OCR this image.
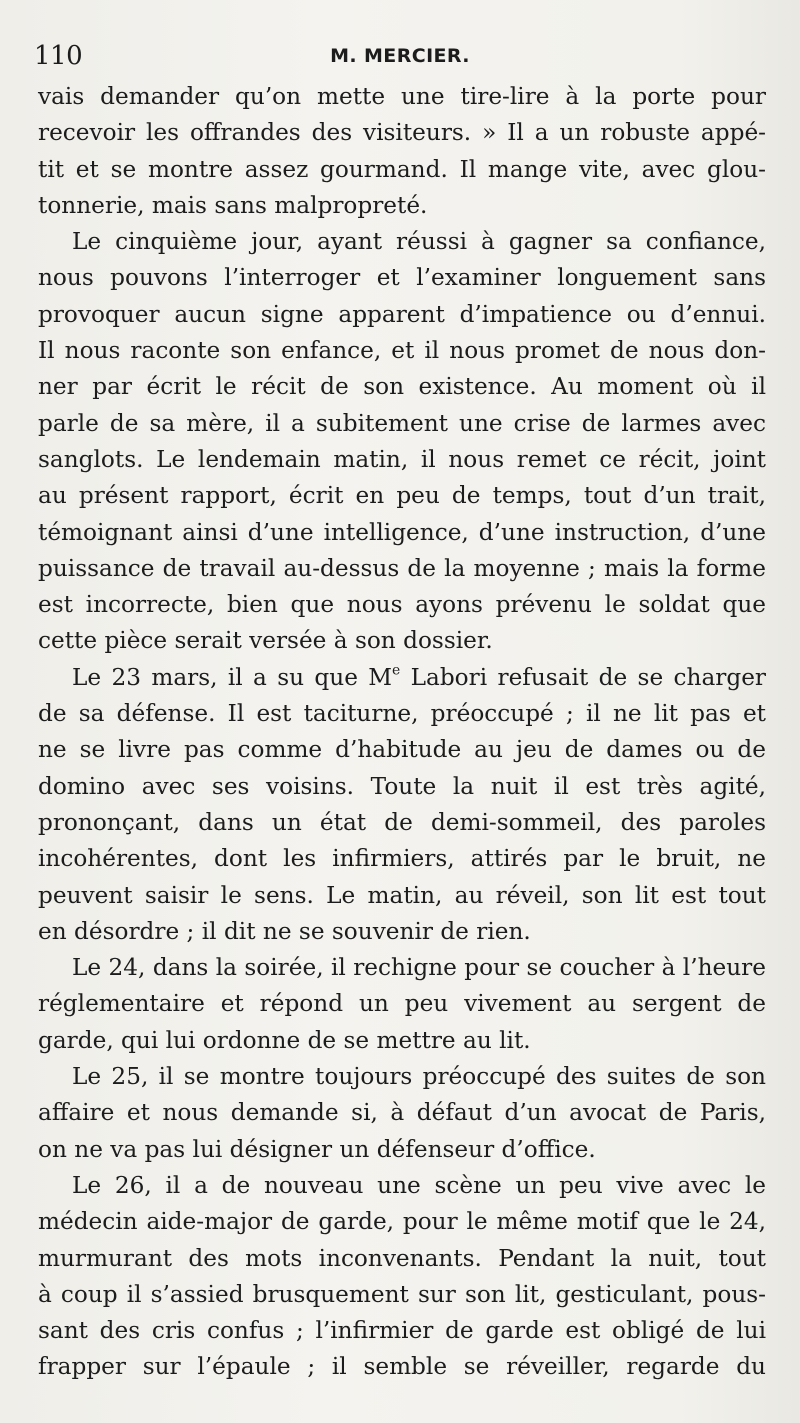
110	M. MERCIER.
vais demander qu’on mette une tire-lire à la porte pour
recevoir les offrandes des visiteurs. » Il a un robuste appé-
tit et se montre assez gourmand. Il mange vite, avec glou-
tonnerie, mais sans malpropreté.
Le cinquième jour, ayant réussi à gagner sa confiance,
nous pouvons l’interroger et l’examiner longuement sans
provoquer aucun signe apparent d’impatience ou d’ennui.
Il nous raconte son enfance, et il nous promet de nous don-
ner par écrit le récit de son existence. Au moment où il
parle de sa mère, il a subitement une crise de larmes avec
sanglots. Le lendemain matin, il nous remet ce récit, joint
au présent rapport, écrit en peu de temps, tout d’un trait,
témoignant ainsi d’une intelligence, d’une instruction, d’une
puissance de travail au-dessus de la moyenne ; mais la forme
est incorrecte, bien que nous ayons prévenu le soldat que
cette pièce serait versée à son dossier.
Le 23 mars, il a su que Me Labori refusait de se charger
de sa défense. Il est taciturne, préoccupé ; il ne lit pas et
ne se livre pas comme d’habitude au jeu de dames ou de
domino avec ses voisins. Toute la nuit il est très agité,
prononçant, dans un état de demi-sommeil, des paroles
incohérentes, dont les infirmiers, attirés par le bruit, ne
peuvent saisir le sens. Le matin, au réveil, son lit est tout
en désordre ; il dit ne se souvenir de rien.
Le 24, dans la soirée, il rechigne pour se coucher à l’heure
réglementaire et répond un peu vivement au sergent de
garde, qui lui ordonne de se mettre au lit.
Le 25, il se montre toujours préoccupé des suites de son
affaire et nous demande si, à défaut d’un avocat de Paris,
on ne va pas lui désigner un défenseur d’office.
Le 26, il a de nouveau une scène un peu vive avec le
médecin aide-major de garde, pour le même motif que le 24,
murmurant des mots inconvenants. Pendant la nuit, tout
à coup il s’assied brusquement sur son lit, gesticulant, pous-
sant des cris confus ; l’infirmier de garde est obligé de lui
frapper sur l’épaule ; il semble se réveiller, regarde du
